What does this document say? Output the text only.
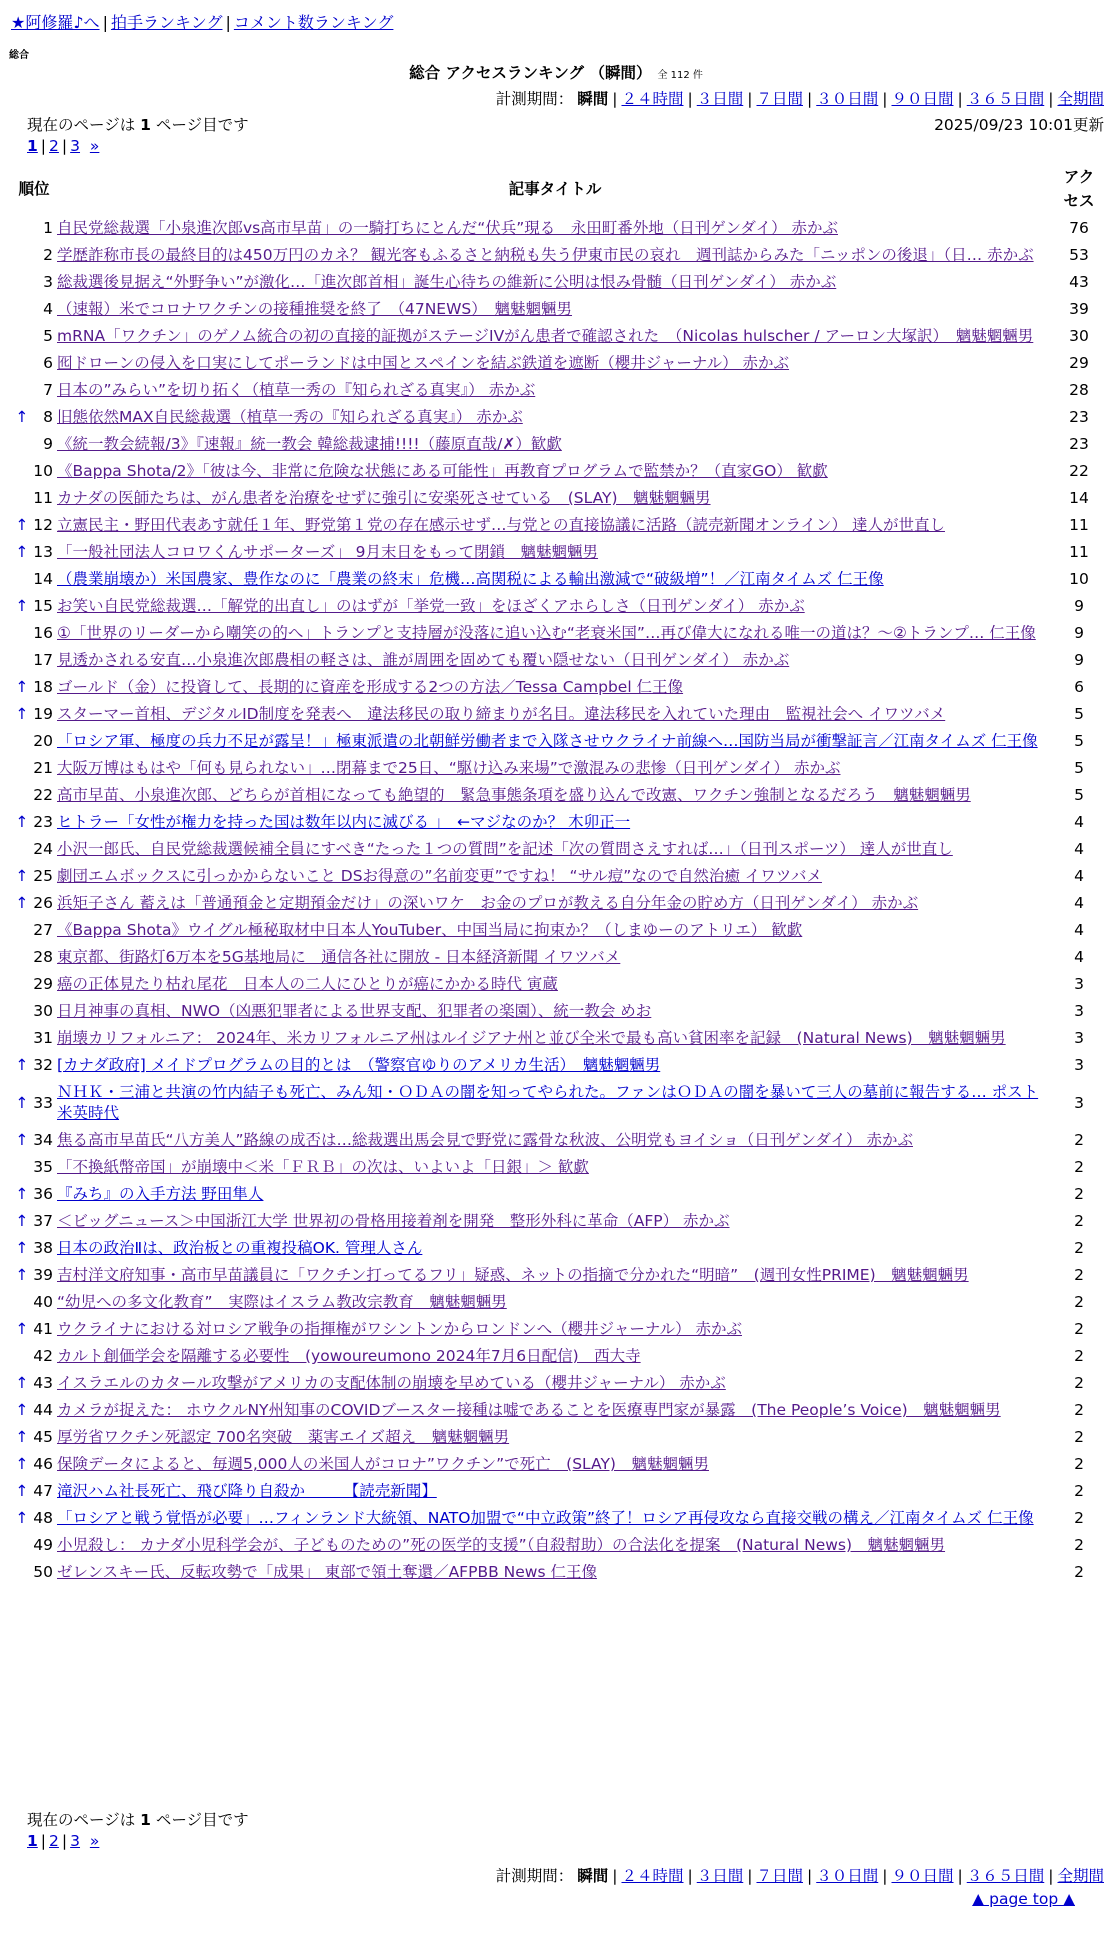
★阿修羅♪へ | 拍手ランキング | コメント数ランキング
総合
総合 アクセスランキング （瞬間） 全 112 件
計測期間： 瞬間 | ２４時間 | ３日間 | ７日間 | ３０日間 | ９０日間 | ３６５日間 | 全期間
現在のページは 1 ページ目です	2025/09/23 10:01更新
1 | 2 | 3 »
順位		記事タイトル	アクセス
	1	自民党総裁選「小泉進次郎vs高市早苗」の一騎打ちにとんだ“伏兵”現る　永田町番外地（日刊ゲンダイ） 赤かぶ	76
	2	学歴詐称市長の最終目的は450万円のカネ？ 観光客もふるさと納税も失う伊東市民の哀れ　週刊誌からみた「ニッポンの後退」（日… 赤かぶ	53
	3	総裁選後見据え“外野争い”が激化…「進次郎首相」誕生心待ちの維新に公明は恨み骨髄（日刊ゲンダイ） 赤かぶ	43
	4	（速報）米でコロナワクチンの接種推奨を終了　（47NEWS）　魑魅魍魎男	39
	5	mRNA「ワクチン」のゲノム統合の初の直接的証拠がステージIVがん患者で確認された　（Nicolas hulscher / アーロン大塚訳）　魑魅魍魎男	30
	6	囮ドローンの侵入を口実にしてポーランドは中国とスペインを結ぶ鉄道を遮断（櫻井ジャーナル） 赤かぶ	29
	7	日本の”みらい”を切り拓く（植草一秀の『知られざる真実』） 赤かぶ	28
↑	8	旧態依然MAX自民総裁選（植草一秀の『知られざる真実』） 赤かぶ	23
	9	《統一教会続報/3》『速報』統一教会 韓総裁逮捕!!!!（藤原直哉/✗）歓歔	23
	10	《Bappa Shota/2》「彼は今、非常に危険な状態にある可能性」再教育プログラムで監禁か？（直家GO） 歓歔	22
	11	カナダの医師たちは、がん患者を治療をせずに強引に安楽死させている　(SLAY)　魑魅魍魎男	14
↑	12	立憲民主・野田代表あす就任１年、野党第１党の存在感示せず…与党との直接協議に活路（読売新聞オンライン） 達人が世直し	11
↑	13	「一般社団法人コロワくんサポーターズ」 9月末日をもって閉鎖　魑魅魍魎男	11
	14	（農業崩壊か）米国農家、豊作なのに「農業の終末」危機…高関税による輸出激減で“破級増”！／江南タイムズ 仁王像	10
↑	15	お笑い自民党総裁選…「解党的出直し」のはずが「挙党一致」をほざくアホらしさ（日刊ゲンダイ） 赤かぶ	9
	16	①「世界のリーダーから嘲笑の的へ」トランプと支持層が没落に追い込む“老衰米国”…再び偉大になれる唯一の道は？～②トランプ… 仁王像	9
	17	見透かされる安直…小泉進次郎農相の軽さは、誰が周囲を固めても覆い隠せない（日刊ゲンダイ） 赤かぶ	9
↑	18	ゴールド（金）に投資して、長期的に資産を形成する2つの方法／Tessa Campbel 仁王像	6
↑	19	スターマー首相、デジタルID制度を発表へ　違法移民の取り締まりが名目。違法移民を入れていた理由　監視社会へ イワツバメ	5
	20	「ロシア軍、極度の兵力不足が露呈！」極東派遣の北朝鮮労働者まで入隊させウクライナ前線へ…国防当局が衝撃証言／江南タイムズ 仁王像	5
	21	大阪万博はもはや「何も見られない」…閉幕まで25日、“駆け込み来場”で激混みの悲惨（日刊ゲンダイ） 赤かぶ	5
	22	高市早苗、小泉進次郎、どちらが首相になっても絶望的　緊急事態条項を盛り込んで改憲、ワクチン強制となるだろう　魑魅魍魎男	5
↑	23	ヒトラー「女性が権力を持った国は数年以内に滅びる 」　←マジなのか？ 木卯正一	4
	24	小沢一郎氏、自民党総裁選候補全員にすべき“たった１つの質問”を記述「次の質問さえすれば…」（日刊スポーツ） 達人が世直し	4
↑	25	劇団エムボックスに引っかからないこと DSお得意の”名前変更”ですね！ “サル痘”なので自然治癒 イワツバメ	4
↑	26	浜矩子さん 蓄えは「普通預金と定期預金だけ」の深いワケ　お金のプロが教える自分年金の貯め方（日刊ゲンダイ） 赤かぶ	4
	27	《Bappa Shota》ウイグル極秘取材中日本人YouTuber、中国当局に拘束か？（しまゆーのアトリエ） 歓歔	4
	28	東京都、街路灯6万本を5G基地局に　通信各社に開放 - 日本経済新聞 イワツバメ	4
	29	癌の正体見たり枯れ尾花　日本人の二人にひとりが癌にかかる時代 寅蔵	3
	30	日月神事の真相、NWO（凶悪犯罪者による世界支配、犯罪者の楽園）、統一教会 めお	3
	31	崩壊カリフォルニア： 2024年、米カリフォルニア州はルイジアナ州と並び全米で最も高い貧困率を記録　(Natural News)　魑魅魍魎男	3
↑	32	[カナダ政府] メイドプログラムの目的とは　（警察官ゆりのアメリカ生活）　魑魅魍魎男	3
↑	33	ＮＨＫ・三浦と共演の竹内結子も死亡、みん知・ＯＤＡの闇を知ってやられた。ファンはＯＤＡの闇を暴いて三人の墓前に報告する… ポスト米英時代	3
↑	34	焦る高市早苗氏“八方美人”路線の成否は…総裁選出馬会見で野党に露骨な秋波、公明党もヨイショ（日刊ゲンダイ） 赤かぶ	2
	35	「不換紙幣帝国」が崩壊中＜米「ＦＲＢ」の次は、いよいよ「日銀」＞ 歓歔	2
↑	36	『みち』の入手方法 野田隼人	2
↑	37	＜ビッグニュース＞中国浙江大学 世界初の骨格用接着剤を開発　整形外科に革命（AFP） 赤かぶ	2
↑	38	日本の政治Ⅱは、政治板との重複投稿OK. 管理人さん	2
↑	39	吉村洋文府知事・高市早苗議員に「ワクチン打ってるフリ」疑惑、ネットの指摘で分かれた“明暗”　(週刊女性PRIME)　魑魅魍魎男	2
	40	“幼児への多文化教育”　実際はイスラム教改宗教育　魑魅魍魎男	2
↑	41	ウクライナにおける対ロシア戦争の指揮権がワシントンからロンドンへ（櫻井ジャーナル） 赤かぶ	2
	42	カルト創価学会を隔離する必要性　(yowoureumono 2024年7月6日配信)　西大寺	2
↑	43	イスラエルのカタール攻撃がアメリカの支配体制の崩壊を早めている（櫻井ジャーナル） 赤かぶ	2
↑	44	カメラが捉えた： ホウクルNY州知事のCOVIDブースター接種は嘘であることを医療専門家が暴露　(The People’s Voice)　魑魅魍魎男	2
↑	45	厚労省ワクチン死認定 700名突破　薬害エイズ超え　魑魅魍魎男	2
↑	46	保険データによると、毎週5,000人の米国人がコロナ”ワクチン”で死亡　(SLAY)　魑魅魍魎男	2
↑	47	滝沢ハム社長死亡、飛び降り自殺か　　　【読売新聞】	2
↑	48	「ロシアと戦う覚悟が必要」…フィンランド大統領、NATO加盟で“中立政策”終了！ロシア再侵攻なら直接交戦の構え／江南タイムズ 仁王像	2
	49	小児殺し： カナダ小児科学会が、子どものための”死の医学的支援”（自殺幇助）の合法化を提案　(Natural News)　魑魅魍魎男	2
	50	ゼレンスキー氏、反転攻勢で「成果」 東部で領土奪還／AFPBB News 仁王像	2
現在のページは 1 ページ目です
1 | 2 | 3 »
計測期間： 瞬間 | ２４時間 | ３日間 | ７日間 | ３０日間 | ９０日間 | ３６５日間 | 全期間
▲ page top ▲
